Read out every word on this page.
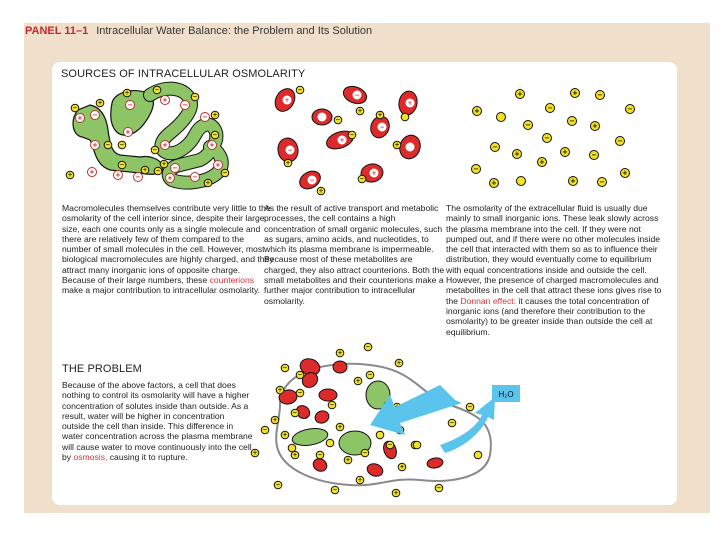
PANEL 11–1 Intracellular Water Balance: the Problem and Its Solution
SOURCES OF INTRACELLULAR OSMOLARITY
+ −
−
+
+
−
−
+	+
+
−
+	−
+
+	+ −
−
+
+	−
−
+
−
− −
−
+
−
+
−
+	−
+
+
−
−
−
+
+
−
+
+
−
−
+
+
+
−
−
+
+	+	−
+	−	−
−	−
+
−	−
−
+	+	−
+
−	+
+	+	−
Macromolecules themselves contribute very little to the osmolarity of the cell interior since, despite their large size, each one counts only as a single molecule and there are relatively few of them compared to the number of small molecules in the cell. However, most biological macromolecules are highly charged, and they attract many inorganic ions of opposite charge. Because of their large numbers, these counterions make a major contribution to intracellular osmolarity.
As the result of active transport and metabolic processes, the cell contains a high concentration of small organic molecules, such as sugars, amino acids, and nucleotides, to which its plasma membrane is impermeable. Because most of these metabolites are charged, they also attract counterions. Both the small metabolites and their counterions make a further major contribution to intracellular osmolarity.
The osmolarity of the extracellular fluid is usually due mainly to small inorganic ions. These leak slowly across the plasma membrane into the cell. If they were not pumped out, and if there were no other molecules inside the cell that interacted with them so as to influence their distribution, they would eventually come to equilibrium with equal concentrations inside and outside the cell. However, the presence of charged macromolecules and metabolites in the cell that attract these ions gives rise to the Donnan effect: it causes the total concentration of inorganic ions (and therefore their contribution to the osmolarity) to be greater inside than outside the cell at equilibrium.
THE PROBLEM
Because of the above factors, a cell that does nothing to control its osmolarity will have a higher concentration of solutes inside than outside. As a result, water will be higher in concentration outside the cell than inside. This difference in water concentration across the plasma membrane will cause water to move continuously into the cell by osmosis, causing it to rupture.
−
−
+
−
+	−
−
−
+
+
−
+
+	−
+
−
−
+
+
−
+
−
+
+
−
−	+
−
−
H₂O
